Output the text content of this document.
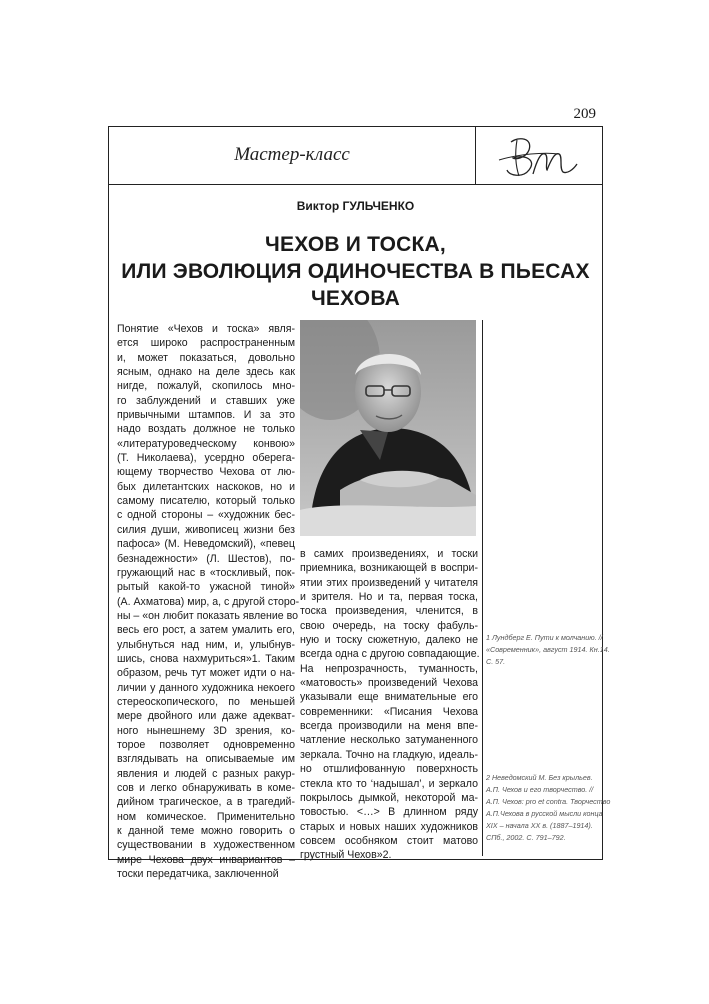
209
Мастер-класс
Виктор ГУЛЬЧЕНКО
ЧЕХОВ И ТОСКА,
ИЛИ ЭВОЛЮЦИЯ ОДИНОЧЕСТВА В ПЬЕСАХ
ЧЕХОВА
Понятие «Чехов и тоска» явля-
ется широко распространенным
и, может показаться, довольно
ясным, однако на деле здесь как
нигде, пожалуй, скопилось мно-
го заблуждений и ставших уже
привычными штампов. И за это
надо воздать должное не только
«литературоведческому конвою»
(Т. Николаева), усердно оберега-
ющему творчество Чехова от лю-
бых дилетантских наскоков, но и
самому писателю, который только
с одной стороны – «художник бес-
силия души, живописец жизни без
пафоса» (М. Неведомский), «певец
безнадежности» (Л. Шестов), по-
гружающий нас в «тоскливый, пок-
рытый какой-то ужасной тиной»
(А. Ахматова) мир, а, с другой сторо-
ны – «он любит показать явление во
весь его рост, а затем умалить его,
улыбнуться над ним, и, улыбнув-
шись, снова нахмуриться»1. Таким
образом, речь тут может идти о на-
личии у данного художника некоего
стереоскопического, по меньшей
мере двойного или даже адекват-
ного нынешнему 3D зрения, ко-
торое позволяет одновременно
взглядывать на описываемые им
явления и людей с разных ракур-
сов и легко обнаруживать в коме-
дийном трагическое, а в трагедий-
ном комическое. Применительно
к данной теме можно говорить о
существовании в художественном
мире Чехова двух инвариантов –
тоски передатчика, заключенной
в самих произведениях, и тоски
приемника, возникающей в воспри-
ятии этих произведений у читателя
и зрителя. Но и та, первая тоска,
тоска произведения, членится, в
свою очередь, на тоску фабуль-
ную и тоску сюжетную, далеко не
всегда одна с другою совпадающие.
На непрозрачность, туманность,
«матовость» произведений Чехова
указывали еще внимательные его
современники: «Писания Чехова
всегда производили на меня впе-
чатление несколько затуманенного
зеркала. Точно на гладкую, идеаль-
но отшлифованную поверхность
стекла кто то ‘надышал’, и зеркало
покрылось дымкой, некоторой ма-
товостью. <…> В длинном ряду
старых и новых наших художников
совсем особняком стоит матово
грустный Чехов»2.
1 Лундберг Е. Пути к молчанию. //
«Современник», август 1914. Кн.14.
С. 57.
2 Неведомский М. Без крыльев.
А.П. Чехов и его творчество. //
А.П. Чехов: pro et contra. Творчество
А.П.Чехова в русской мысли конца
XIX – начала XX в. (1887–1914).
СПб., 2002. С. 791–792.
